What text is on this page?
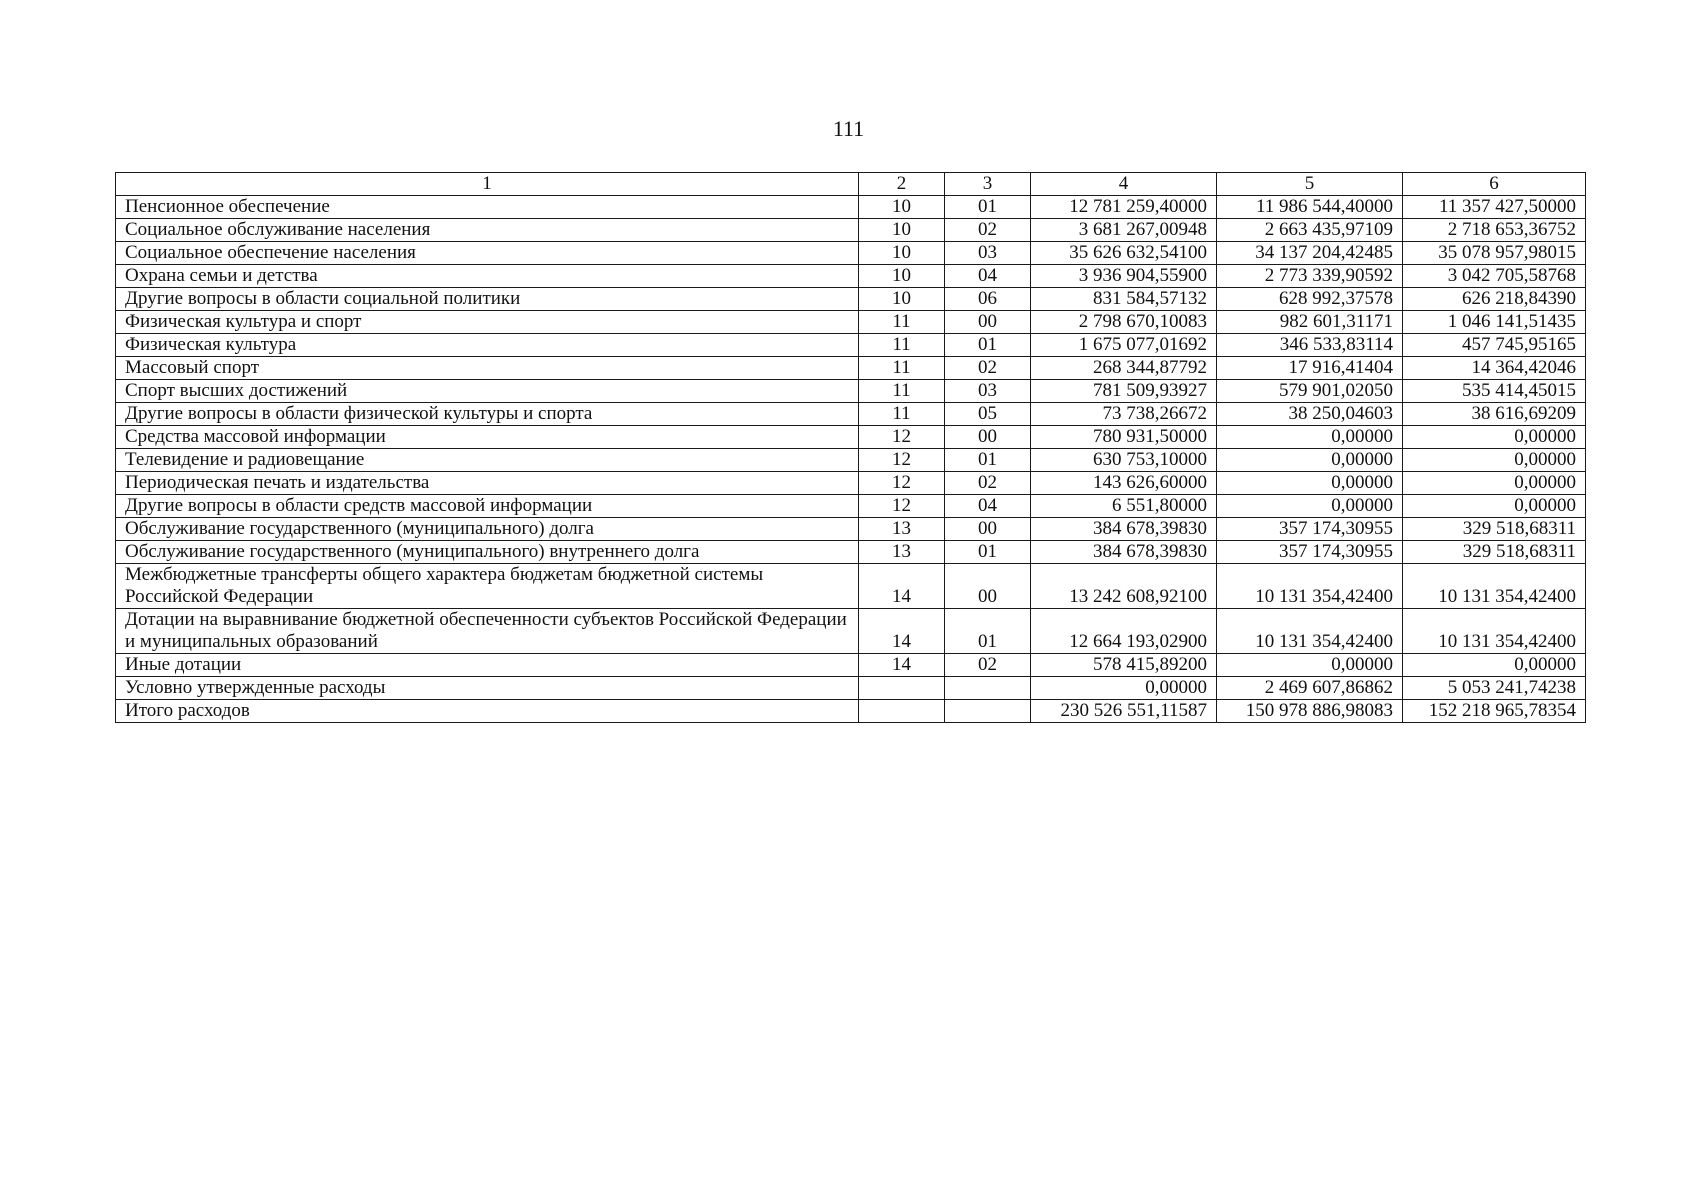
111
1	2	3	4	5	6
Пенсионное обеспечение	10	01	12 781 259,40000	11 986 544,40000	11 357 427,50000
Социальное обслуживание населения	10	02	3 681 267,00948	2 663 435,97109	2 718 653,36752
Социальное обеспечение населения	10	03	35 626 632,54100	34 137 204,42485	35 078 957,98015
Охрана семьи и детства	10	04	3 936 904,55900	2 773 339,90592	3 042 705,58768
Другие вопросы в области социальной политики	10	06	831 584,57132	628 992,37578	626 218,84390
Физическая культура и спорт	11	00	2 798 670,10083	982 601,31171	1 046 141,51435
Физическая культура	11	01	1 675 077,01692	346 533,83114	457 745,95165
Массовый спорт	11	02	268 344,87792	17 916,41404	14 364,42046
Спорт высших достижений	11	03	781 509,93927	579 901,02050	535 414,45015
Другие вопросы в области физической культуры и спорта	11	05	73 738,26672	38 250,04603	38 616,69209
Средства массовой информации	12	00	780 931,50000	0,00000	0,00000
Телевидение и радиовещание	12	01	630 753,10000	0,00000	0,00000
Периодическая печать и издательства	12	02	143 626,60000	0,00000	0,00000
Другие вопросы в области средств массовой информации	12	04	6 551,80000	0,00000	0,00000
Обслуживание государственного (муниципального) долга	13	00	384 678,39830	357 174,30955	329 518,68311
Обслуживание государственного (муниципального) внутреннего долга	13	01	384 678,39830	357 174,30955	329 518,68311
Межбюджетные трансферты общего характера бюджетам бюджетной системы Российской Федерации	14	00	13 242 608,92100	10 131 354,42400	10 131 354,42400
Дотации на выравнивание бюджетной обеспеченности субъектов Российской Федерации и муниципальных образований	14	01	12 664 193,02900	10 131 354,42400	10 131 354,42400
Иные дотации	14	02	578 415,89200	0,00000	0,00000
Условно утвержденные расходы			0,00000	2 469 607,86862	5 053 241,74238
Итого расходов			230 526 551,11587	150 978 886,98083	152 218 965,78354
